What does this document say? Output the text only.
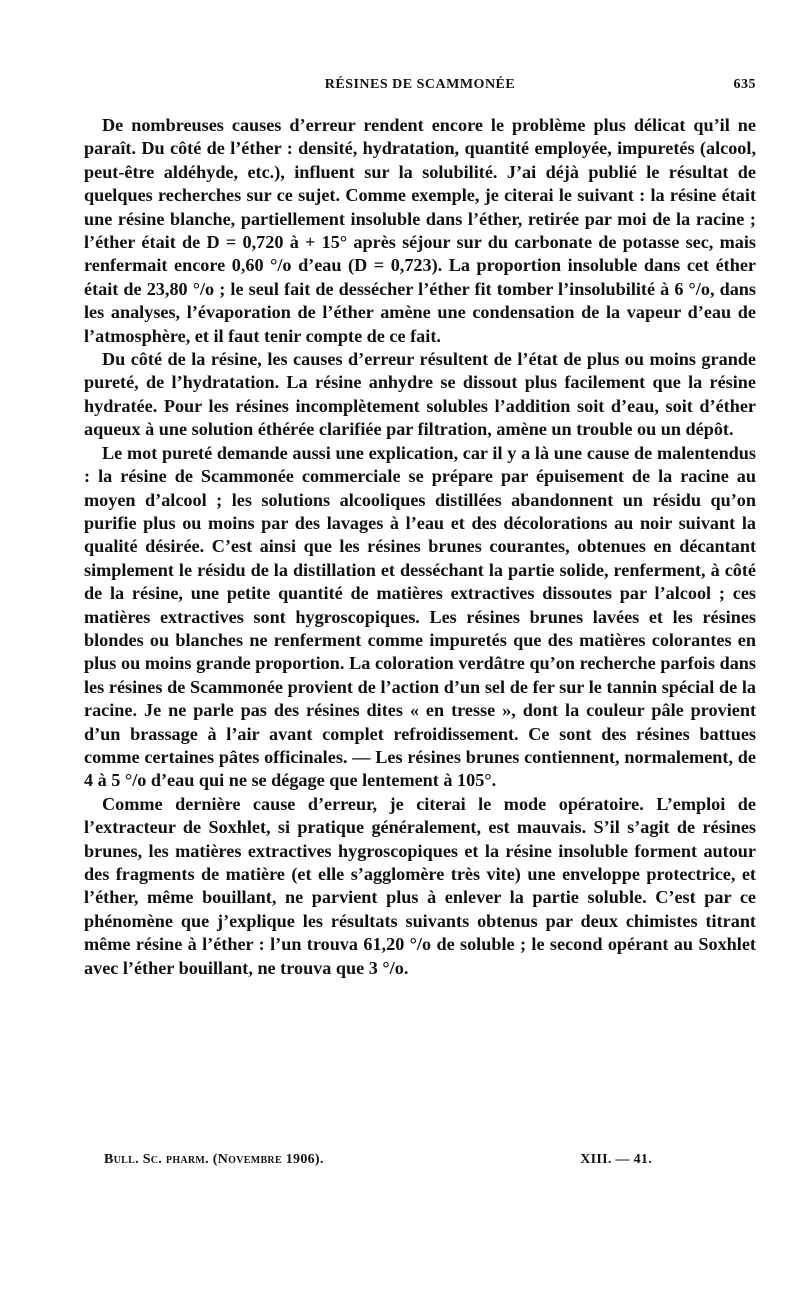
RÉSINES DE SCAMMONÉE	635

De nombreuses causes d’erreur rendent encore le problème plus délicat qu’il ne paraît. Du côté de l’éther : densité, hydratation, quantité employée, impuretés (alcool, peut-être aldéhyde, etc.), influent sur la solubilité. J’ai déjà publié le résultat de quelques recherches sur ce sujet. Comme exemple, je citerai le suivant : la résine était une résine blanche, partiellement insoluble dans l’éther, retirée par moi de la racine ; l’éther était de D = 0,720 à + 15° après séjour sur du carbonate de potasse sec, mais renfermait encore 0,60 °/o d’eau (D = 0,723). La proportion insoluble dans cet éther était de 23,80 °/o ; le seul fait de dessécher l’éther fit tomber l’insolubilité à 6 °/o, dans les analyses, l’évaporation de l’éther amène une condensation de la vapeur d’eau de l’atmosphère, et il faut tenir compte de ce fait.

Du côté de la résine, les causes d’erreur résultent de l’état de plus ou moins grande pureté, de l’hydratation. La résine anhydre se dissout plus facilement que la résine hydratée. Pour les résines incomplètement solubles l’addition soit d’eau, soit d’éther aqueux à une solution éthérée clarifiée par filtration, amène un trouble ou un dépôt.

Le mot pureté demande aussi une explication, car il y a là une cause de malentendus : la résine de Scammonée commerciale se prépare par épuisement de la racine au moyen d’alcool ; les solutions alcooliques distillées abandonnent un résidu qu’on purifie plus ou moins par des lavages à l’eau et des décolorations au noir suivant la qualité désirée. C’est ainsi que les résines brunes courantes, obtenues en décantant simplement le résidu de la distillation et desséchant la partie solide, renferment, à côté de la résine, une petite quantité de matières extractives dissoutes par l’alcool ; ces matières extractives sont hygroscopiques. Les résines brunes lavées et les résines blondes ou blanches ne renferment comme impuretés que des matières colorantes en plus ou moins grande proportion. La coloration verdâtre qu’on recherche parfois dans les résines de Scammonée provient de l’action d’un sel de fer sur le tannin spécial de la racine. Je ne parle pas des résines dites « en tresse », dont la couleur pâle provient d’un brassage à l’air avant complet refroidissement. Ce sont des résines battues comme certaines pâtes officinales. — Les résines brunes contiennent, normalement, de 4 à 5 °/o d’eau qui ne se dégage que lentement à 105°.

Comme dernière cause d’erreur, je citerai le mode opératoire. L’emploi de l’extracteur de Soxhlet, si pratique généralement, est mauvais. S’il s’agit de résines brunes, les matières extractives hygroscopiques et la résine insoluble forment autour des fragments de matière (et elle s’agglomère très vite) une enveloppe protectrice, et l’éther, même bouillant, ne parvient plus à enlever la partie soluble. C’est par ce phénomène que j’explique les résultats suivants obtenus par deux chimistes titrant même résine à l’éther : l’un trouva 61,20 °/o de soluble ; le second opérant au Soxhlet avec l’éther bouillant, ne trouva que 3 °/o.

Bull. Sc. pharm. (Novembre 1906).	XIII. — 41.
